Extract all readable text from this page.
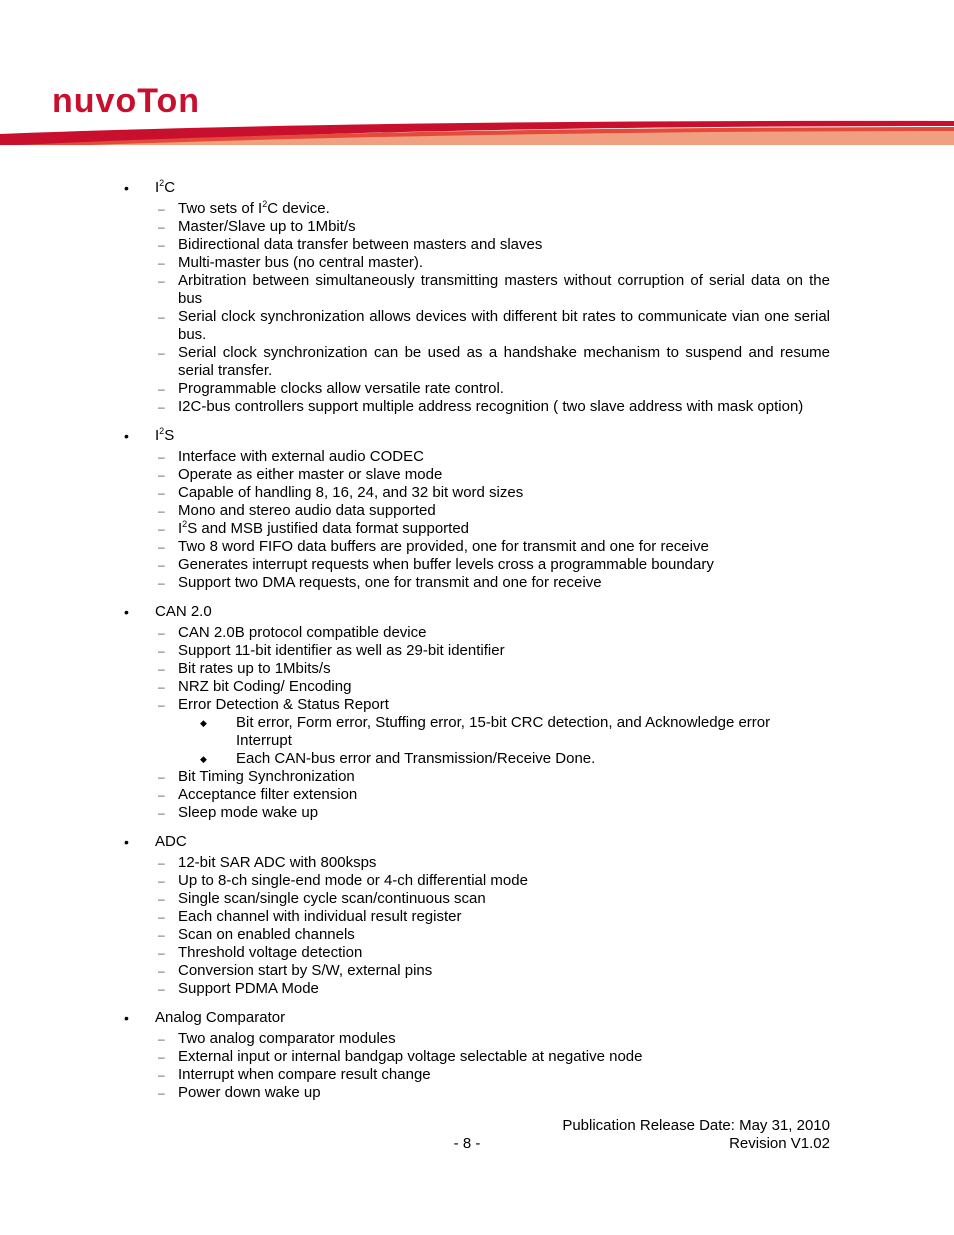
nuvoTon
• $I^2C$
– Two sets of $I^2C$ device.
– Master/Slave up to 1Mbit/s
– Bidirectional data transfer between masters and slaves
– Multi-master bus (no central master).
– Arbitration between simultaneously transmitting masters without corruption of serial data on the bus
– Serial clock synchronization allows devices with different bit rates to communicate vian one serial bus.
– Serial clock synchronization can be used as a handshake mechanism to suspend and resume serial transfer.
– Programmable clocks allow versatile rate control.
– I2C-bus controllers support multiple address recognition ( two slave address with mask option)
• $I^2S$
– Interface with external audio CODEC
– Operate as either master or slave mode
– Capable of handling 8, 16, 24, and 32 bit word sizes
– Mono and stereo audio data supported
– $I^2S$ and MSB justified data format supported
– Two 8 word FIFO data buffers are provided, one for transmit and one for receive
– Generates interrupt requests when buffer levels cross a programmable boundary
– Support two DMA requests, one for transmit and one for receive
• CAN 2.0
– CAN 2.0B protocol compatible device
– Support 11-bit identifier as well as 29-bit identifier
– Bit rates up to 1Mbits/s
– NRZ bit Coding/ Encoding
– Error Detection & Status Report
◆ Bit error, Form error, Stuffing error, 15-bit CRC detection, and Acknowledge error Interrupt
◆ Each CAN-bus error and Transmission/Receive Done.
– Bit Timing Synchronization
– Acceptance filter extension
– Sleep mode wake up
• ADC
– 12-bit SAR ADC with 800ksps
– Up to 8-ch single-end mode or 4-ch differential mode
– Single scan/single cycle scan/continuous scan
– Each channel with individual result register
– Scan on enabled channels
– Threshold voltage detection
– Conversion start by S/W, external pins
– Support PDMA Mode
• Analog Comparator
– Two analog comparator modules
– External input or internal bandgap voltage selectable at negative node
– Interrupt when compare result change
– Power down wake up
Publication Release Date: May 31, 2010
- 8 -	Revision V1.02
